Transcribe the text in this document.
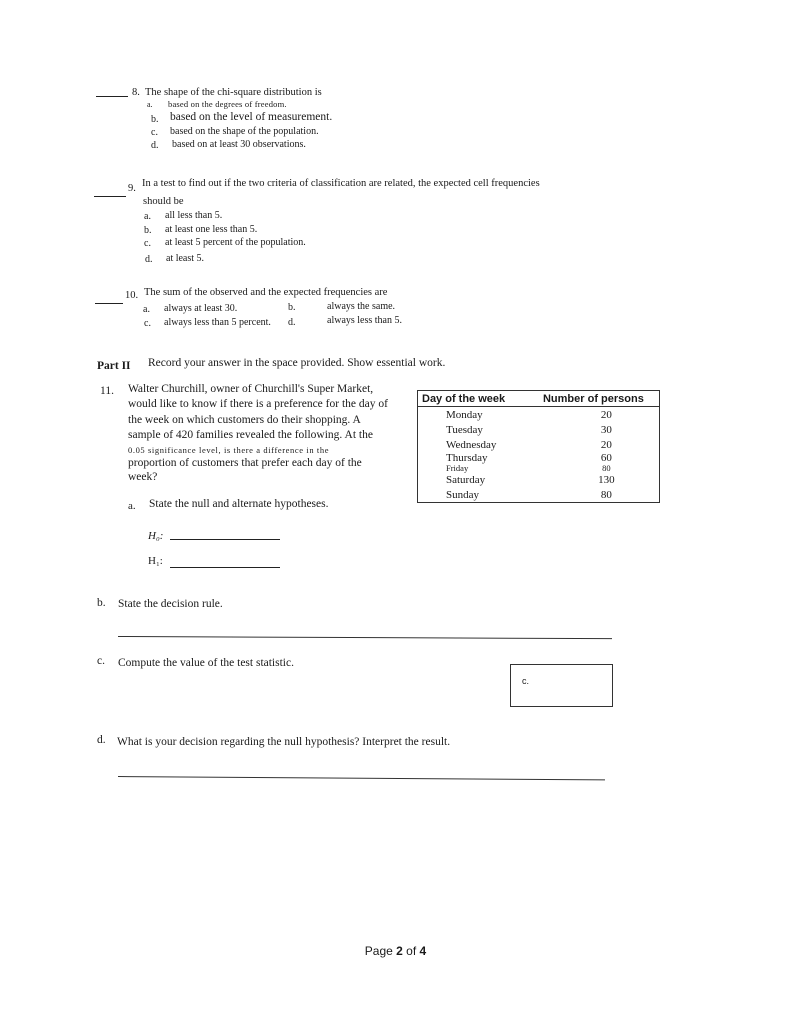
8. The shape of the chi-square distribution is
a. based on the degrees of freedom.
b. based on the level of measurement.
c. based on the shape of the population.
d. based on at least 30 observations.
9. In a test to find out if the two criteria of classification are related, the expected cell frequencies
should be
a. all less than 5.
b. at least one less than 5.
c. at least 5 percent of the population.
d. at least 5.
10. The sum of the observed and the expected frequencies are
a. always at least 30.	b.	always the same.
c. always less than 5 percent. d.	always less than 5.
Part II Record your answer in the space provided. Show essential work.
11. Walter Churchill, owner of Churchill's Super Market,
would like to know if there is a preference for the day of
the week on which customers do their shopping. A
sample of 420 families revealed the following. At the
0.05 significance level, is there a difference in the
proportion of customers that prefer each day of the
week?
Day of the week	Number of persons
Monday	20
Tuesday	30
Wednesday	20
Thursday	60
Friday	80
Saturday	130
Sunday	80
a. State the null and alternate hypotheses.
H₀:
H₁:
b. State the decision rule.
c. Compute the value of the test statistic.
c.
d. What is your decision regarding the null hypothesis? Interpret the result.
Page 2 of 4
